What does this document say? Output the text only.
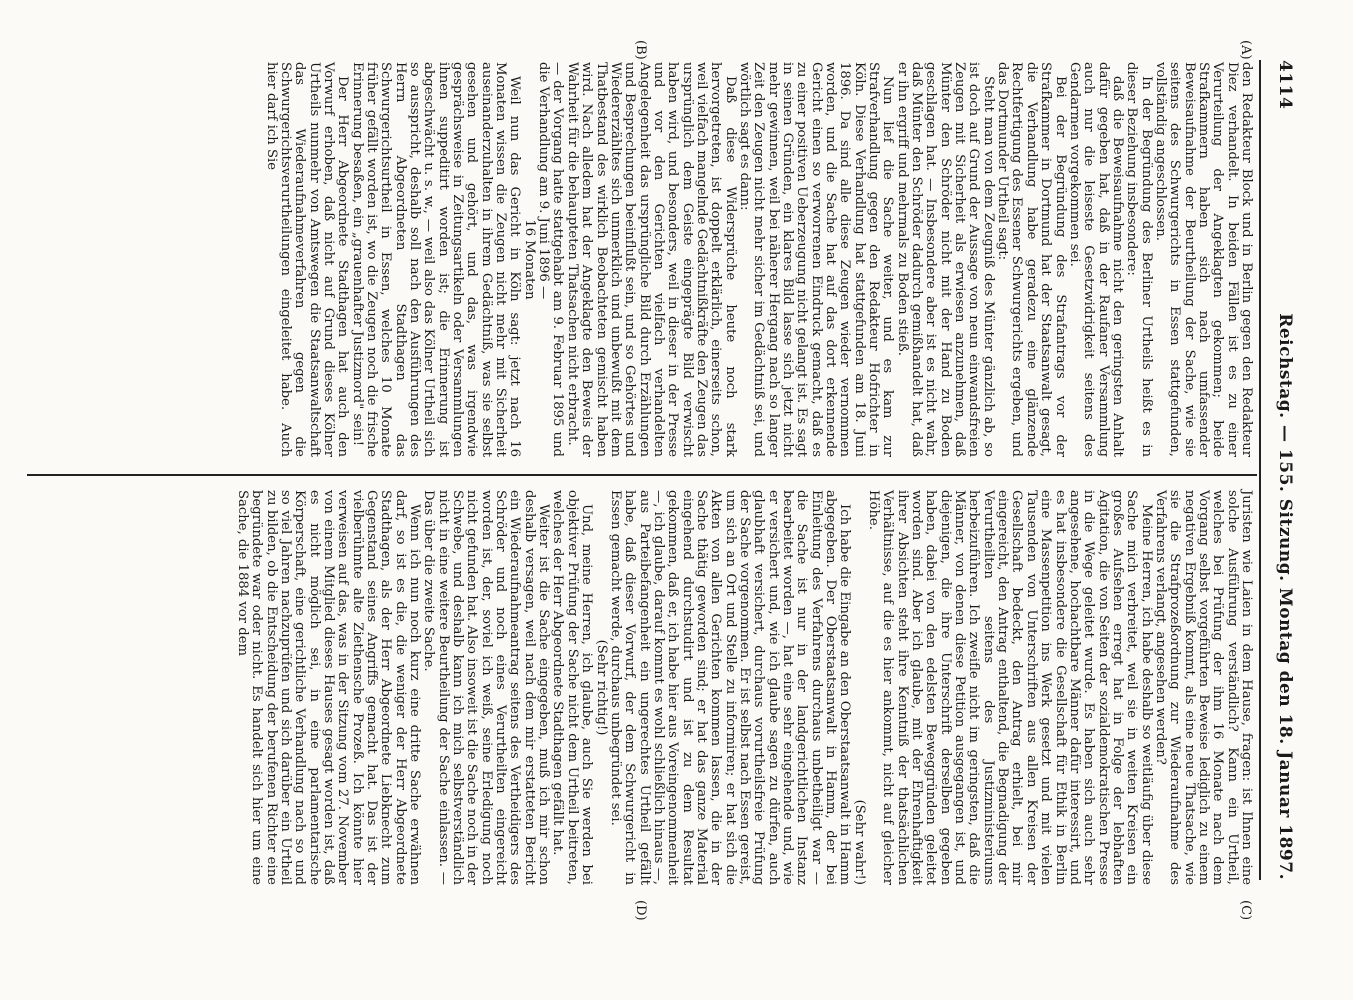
4114
Reichstag. — 155. Sitzung. Montag den 18. Januar 1897.
(A)
(B)
(C)
(D)

den Redakteur Block und in Berlin gegen den Redakteur Diez verhandelt. In beiden Fällen ist es zu einer Verurteilung der Angeklagten gekommen; beide Strafkammern haben sich nach umfassender Beweisaufnahme der Beurtheilung der Sache, wie sie seitens des Schwurgerichts in Essen stattgefunden, vollständig angeschlossen.

In der Begründung des Berliner Urtheils heißt es in dieser Beziehung insbesondere:

daß die Beweisaufnahme nicht den geringsten Anhalt dafür gegeben hat, daß in der Raufaner Versammlung auch nur die leiseste Gesetzwidrigkeit seitens des Gendarmen vorgekommen sei.

Bei der Begründung des Strafantrags vor der Strafkammer in Dortmund hat der Staatsanwalt gesagt, die Verhandlung habe geradezu eine glänzende Rechtfertigung des Essener Schwurgerichts ergeben, und das Dortmunder Urtheil sagt:

Steht man von dem Zeugniß des Münter gänzlich ab, so ist doch auf Grund der Aussage von neun einwandsfreien Zeugen mit Sicherheit als erwiesen anzunehmen, daß Münter den Schröder nicht mit der Hand zu Boden geschlagen hat. — Insbesondere aber ist es nicht wahr, daß Münter den Schröder dadurch gemißhandelt hat, daß er ihn ergriff und mehrmals zu Boden stieß.

Nun lief die Sache weiter, und es kam zur Strafverhandlung gegen den Redakteur Hofrichter in Köln. Diese Verhandlung hat stattgefunden am 18. Juni 1896. Da sind alle diese Zeugen wieder vernommen worden, und die Sache hat auf das dort erkennende Gericht einen so verworrenen Eindruck gemacht, daß es zu einer positiven Ueberzeugung nicht gelangt ist. Es sagt in seinen Gründen, ein klares Bild lasse sich jetzt nicht mehr gewinnen, weil bei näherer Hergang nach so langer Zeit den Zeugen nicht mehr sicher im Gedächtniß sei, und wörtlich sagt es dann:

Daß diese Widersprüche heute noch stark hervorgetreten, ist doppelt erklärlich, einerseits schon, weil vielfach mangelnde Gedächtnißkräfte den Zeugen das ursprünglich dem Geiste eingeprägte Bild verwischt haben wird, und besonders, weil in dieser in der Presse und vor den Gerichten vielfach verhandelten Angelegenheit das ursprüngliche Bild durch Erzählungen und Besprechungen beeinflußt sein, und so Gehörtes und Wiedererzähltes sich unmerklich und unbewußt mit dem Thatbestand des wirklich Beobachteten gemischt haben wird. Nach alledem hat der Angeklagte den Beweis der Wahrheit für die behaupteten Thatsachen nicht erbracht.

— der Vorgang hatte stattgehabt am 9. Februar 1895 und die Verhandlung am 9. Juni 1896 —

16 Monaten

Weil nun das Gericht in Köln sagt: jetzt nach 16 Monaten wissen die Zeugen nicht mehr mit Sicherheit auseinanderzuhalten in ihrem Gedächtniß, was sie selbst gesehen und gehört, und das, was irgendwie gesprächsweise in Zeitungsartikeln oder Versammlungen ihnen suppeditirt worden ist; die Erinnerung ist abgeschwächt u. s. w., — weil also das Kölner Urtheil sich so ausspricht, deshalb soll nach den Ausführungen des Herrn Abgeordneten Stadthagen das Schwurgerichtsurtheil in Essen, welches 10 Monate früher gefällt worden ist, wo die Zeugen noch die frische Erinnerung besaßen, ein „grauenhafter Justizmord" sein!

Der Herr Abgeordnete Stadthagen hat auch den Vorwurf erhoben, daß nicht auf Grund dieses Kölner Urtheils nunmehr von Amtswegen die Staatsanwaltschaft das Wiederaufnahmeverfahren gegen die Schwurgerichtsverurtheilungen eingeleitet habe. Auch hier darf ich Sie

Juristen wie Laien in dem Hause, fragen: ist Ihnen eine solche Ausführung verständlich? Kann ein Urtheil, welches bei Prüfung der ihm 16 Monate nach dem Vorgang selbst vorgeführten Beweise lediglich zu einem negativen Ergebniß kommt, als eine neue Thatsache, wie sie die Strafprozeßordnung zur Wiederaufnahme des Verfahrens verlangt, angesehen werden?

Meine Herren, ich habe deshalb so weitläufig über diese Sache mich verbreitet, weil sie in weiten Kreisen ein großes Aufsehen erregt hat in Folge der lebhaften Agitation, die von Seiten der sozialdemokratischen Presse in die Wege geleitet wurde. Es haben sich auch sehr angesehene, hochachtbare Männer dafür interessirt, und es hat insbesondere die Gesellschaft für Ethik in Berlin eine Massenpetition ins Werk gesetzt und mit vielen Tausenden von Unterschriften aus allen Kreisen der Gesellschaft bedeckt, den Antrag erhielt, bei mir eingereicht, den Antrag enthaltend, die Begnadigung der Verurtheilten seitens des Justizministeriums herbeizuführen. Ich zweifle nicht im geringsten, daß die Männer, von denen diese Petition ausgegangen ist, und diejenigen, die ihre Unterschrift derselben gegeben haben, dabei von den edelsten Beweggründen geleitet worden sind. Aber ich glaube, mit der Ehrenhaftigkeit ihrer Absichten steht ihre Kenntniß der thatsächlichen Verhältnisse, auf die es hier ankommt, nicht auf gleicher Höhe.

(Sehr wahr!)

Ich habe die Eingabe an den Oberstaatsanwalt in Hamm abgegeben. Der Oberstaatsanwalt in Hamm, der bei Einleitung des Verfahrens durchaus unbetheiligt war — die Sache ist nur in der landgerichtlichen Instanz bearbeitet worden —, hat eine sehr eingehende und, wie er versichert und, wie ich glaube sagen zu dürfen, auch glaubhaft versichert, durchaus vorurtheilsfreie Prüfung der Sache vorgenommen. Er ist selbst nach Essen gereist, um sich an Ort und Stelle zu informiren; er hat sich die Akten von allen Gerichten kommen lassen, die in der Sache thätig geworden sind; er hat das ganze Material eingehend durchstudirt und ist zu dem Resultat gekommen, daß er, ich habe hier aus Voreingenommenheit —, ich glaube, darauf kommt es wohl schließlich hinaus —, aus Parteibefangenheit ein ungerechtes Urtheil gefällt habe, daß dieser Vorwurf, der dem Schwurgericht in Essen gemacht werde, durchaus unbegründet sei.

(Sehr richtig!)

Und, meine Herren, ich glaube, auch Sie werden bei objektiver Prüfung der Sache nicht dem Urtheil beitreten, welches der Herr Abgeordnete Stadthagen gefällt hat.

Weiter ist die Sache eingegeben, muß ich mir schon deshalb versagen, weil nach dem mir erstatteten Bericht ein Wiederaufnahmeantrag seitens des Vertheidigers des Schröder und noch eines Verurtheilten eingereicht worden ist, der, soviel ich weiß, seine Erledigung noch nicht gefunden hat. Also insoweit ist die Sache noch in der Schwebe, und deshalb kann ich mich selbstverständlich nicht in eine weitere Beurtheilung der Sache einlassen. — Das über die zweite Sache.

Wenn ich nun noch kurz eine dritte Sache erwähnen darf, so ist es die, die weniger der Herr Abgeordnete Stadthagen, als der Herr Abgeordnete Liebknecht zum Gegenstand seines Angriffs gemacht hat. Das ist der vielberühmte alte Ziethensche Prozeß. Ich könnte hier verweisen auf das, was in der Sitzung vom 27. November von einem Mitglied dieses Hauses gesagt worden ist, daß es nicht möglich sei, in eine parlamentarische Körperschaft, eine gerichtliche Verhandlung nach so und so viel Jahren nachzuprüfen und sich darüber ein Urtheil zu bilden, ob die Entscheidung der berufenen Richter eine begründete war oder nicht. Es handelt sich hier um eine Sache, die 1884 vor dem
